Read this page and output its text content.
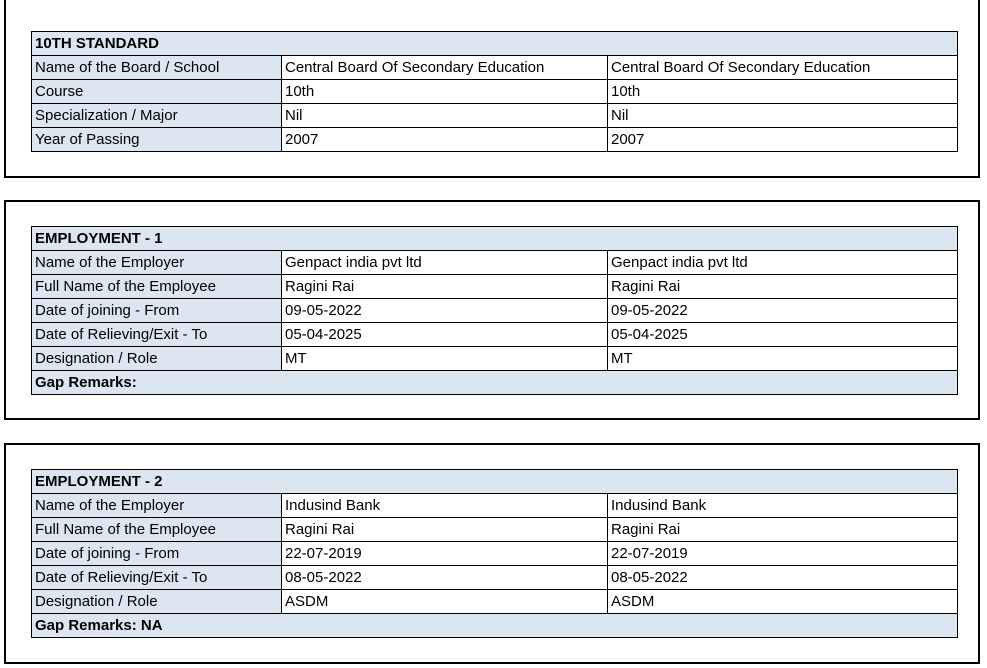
10TH STANDARD		
Name of the Board / School	Central Board Of Secondary Education	Central Board Of Secondary Education
Course	10th	10th
Specialization / Major	Nil	Nil
Year of Passing	2007	2007
EMPLOYMENT - 1		
Name of the Employer	Genpact india pvt ltd	Genpact india pvt ltd
Full Name of the Employee	Ragini Rai	Ragini Rai
Date of joining - From	09-05-2022	09-05-2022
Date of Relieving/Exit - To	05-04-2025	05-04-2025
Designation / Role	MT	MT
Gap Remarks:		
EMPLOYMENT - 2		
Name of the Employer	Indusind Bank	Indusind Bank
Full Name of the Employee	Ragini Rai	Ragini Rai
Date of joining - From	22-07-2019	22-07-2019
Date of Relieving/Exit - To	08-05-2022	08-05-2022
Designation / Role	ASDM	ASDM
Gap Remarks: NA		
